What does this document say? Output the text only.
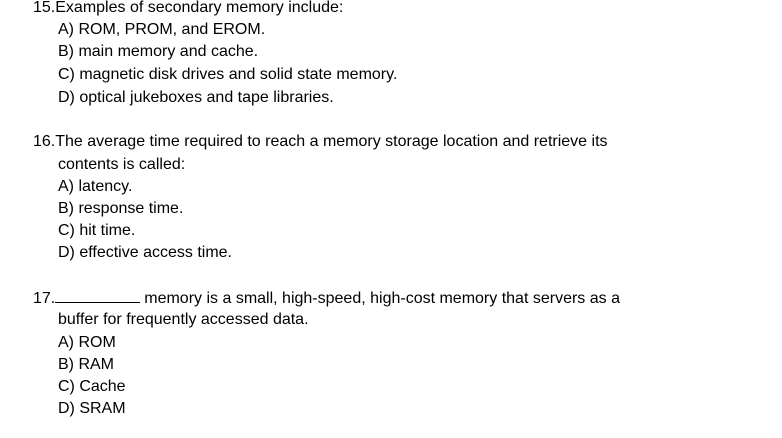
15.Examples of secondary memory include:
A) ROM, PROM, and EROM.
B) main memory and cache.
C) magnetic disk drives and solid state memory.
D) optical jukeboxes and tape libraries.
16.The average time required to reach a memory storage location and retrieve its
contents is called:
A) latency.
B) response time.
C) hit time.
D) effective access time.
17.	memory is a small, high-speed, high-cost memory that servers as a
buffer for frequently accessed data.
A) ROM
B) RAM
C) Cache
D) SRAM
